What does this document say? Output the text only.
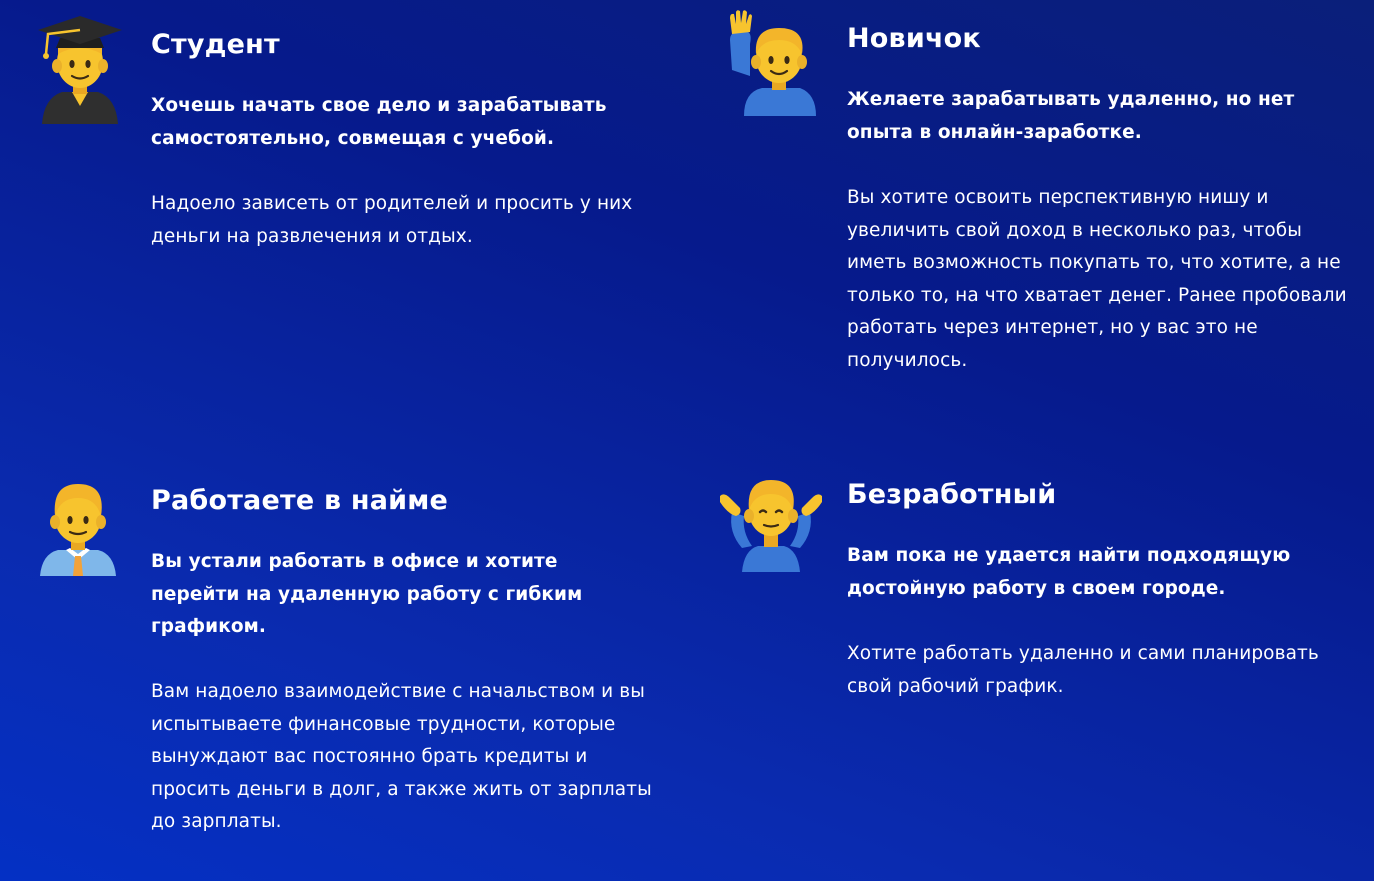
Студент
Хочешь начать свое дело и зарабатывать самостоятельно, совмещая с учебой.
Надоело зависеть от родителей и просить у них деньги на развлечения и отдых.
Новичок
Желаете зарабатывать удаленно, но нет опыта в онлайн-заработке.
Вы хотите освоить перспективную нишу и увеличить свой доход в несколько раз, чтобы иметь возможность покупать то, что хотите, а не только то, на что хватает денег. Ранее пробовали работать через интернет, но у вас это не получилось.
Работаете в найме
Вы устали работать в офисе и хотите перейти на удаленную работу с гибким графиком.
Вам надоело взаимодействие с начальством и вы испытываете финансовые трудности, которые вынуждают вас постоянно брать кредиты и просить деньги в долг, а также жить от зарплаты до зарплаты.
Безработный
Вам пока не удается найти подходящую достойную работу в своем городе.
Хотите работать удаленно и сами планировать свой рабочий график.
